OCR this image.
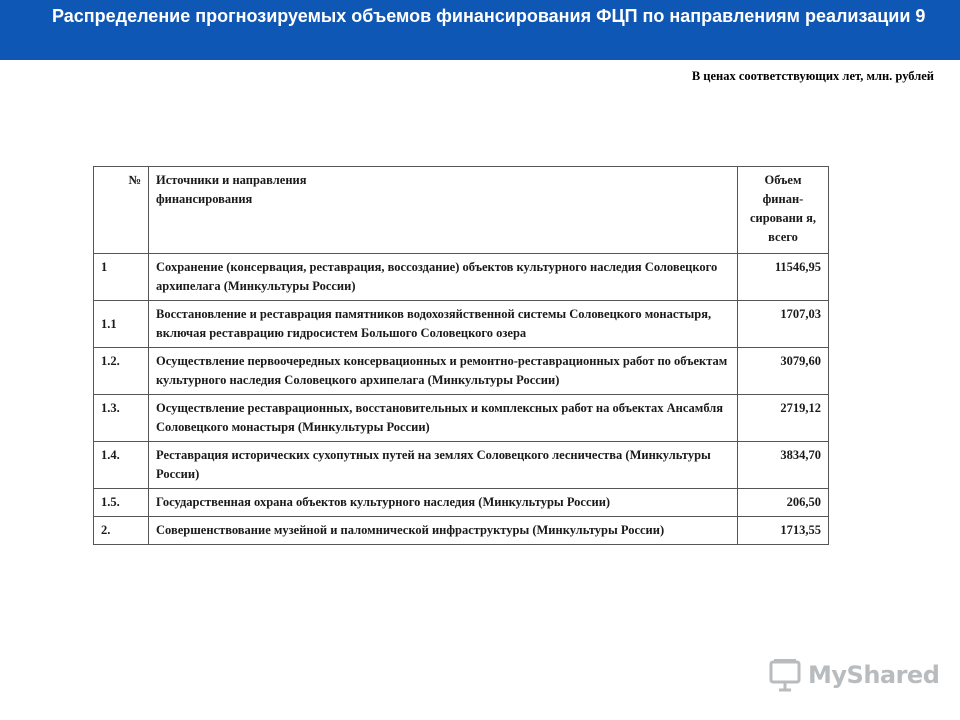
Распределение прогнозируемых объемов финансирования ФЦП по направлениям реализации 9
В ценах соответствующих лет, млн. рублей
№	Источники и направления финансирования	Объем финан-сировани я, всего
1	Сохранение (консервация, реставрация, воссоздание) объектов культурного наследия Соловецкого архипелага (Минкультуры России)	11546,95
1.1	Восстановление и реставрация памятников водохозяйственной системы Соловецкого монастыря, включая реставрацию гидросистем Большого Соловецкого озера	1707,03
1.2.	Осуществление первоочередных консервационных и ремонтно-реставрационных работ по объектам культурного наследия Соловецкого архипелага (Минкультуры России)	3079,60
1.3.	Осуществление реставрационных, восстановительных и комплексных работ на объектах Ансамбля Соловецкого монастыря (Минкультуры России)	2719,12
1.4.	Реставрация исторических сухопутных путей на землях Соловецкого лесничества (Минкультуры России)	3834,70
1.5.	Государственная охрана объектов культурного наследия (Минкультуры России)	206,50
2.	Совершенствование музейной и паломнической инфраструктуры (Минкультуры России)	1713,55
MyShared
